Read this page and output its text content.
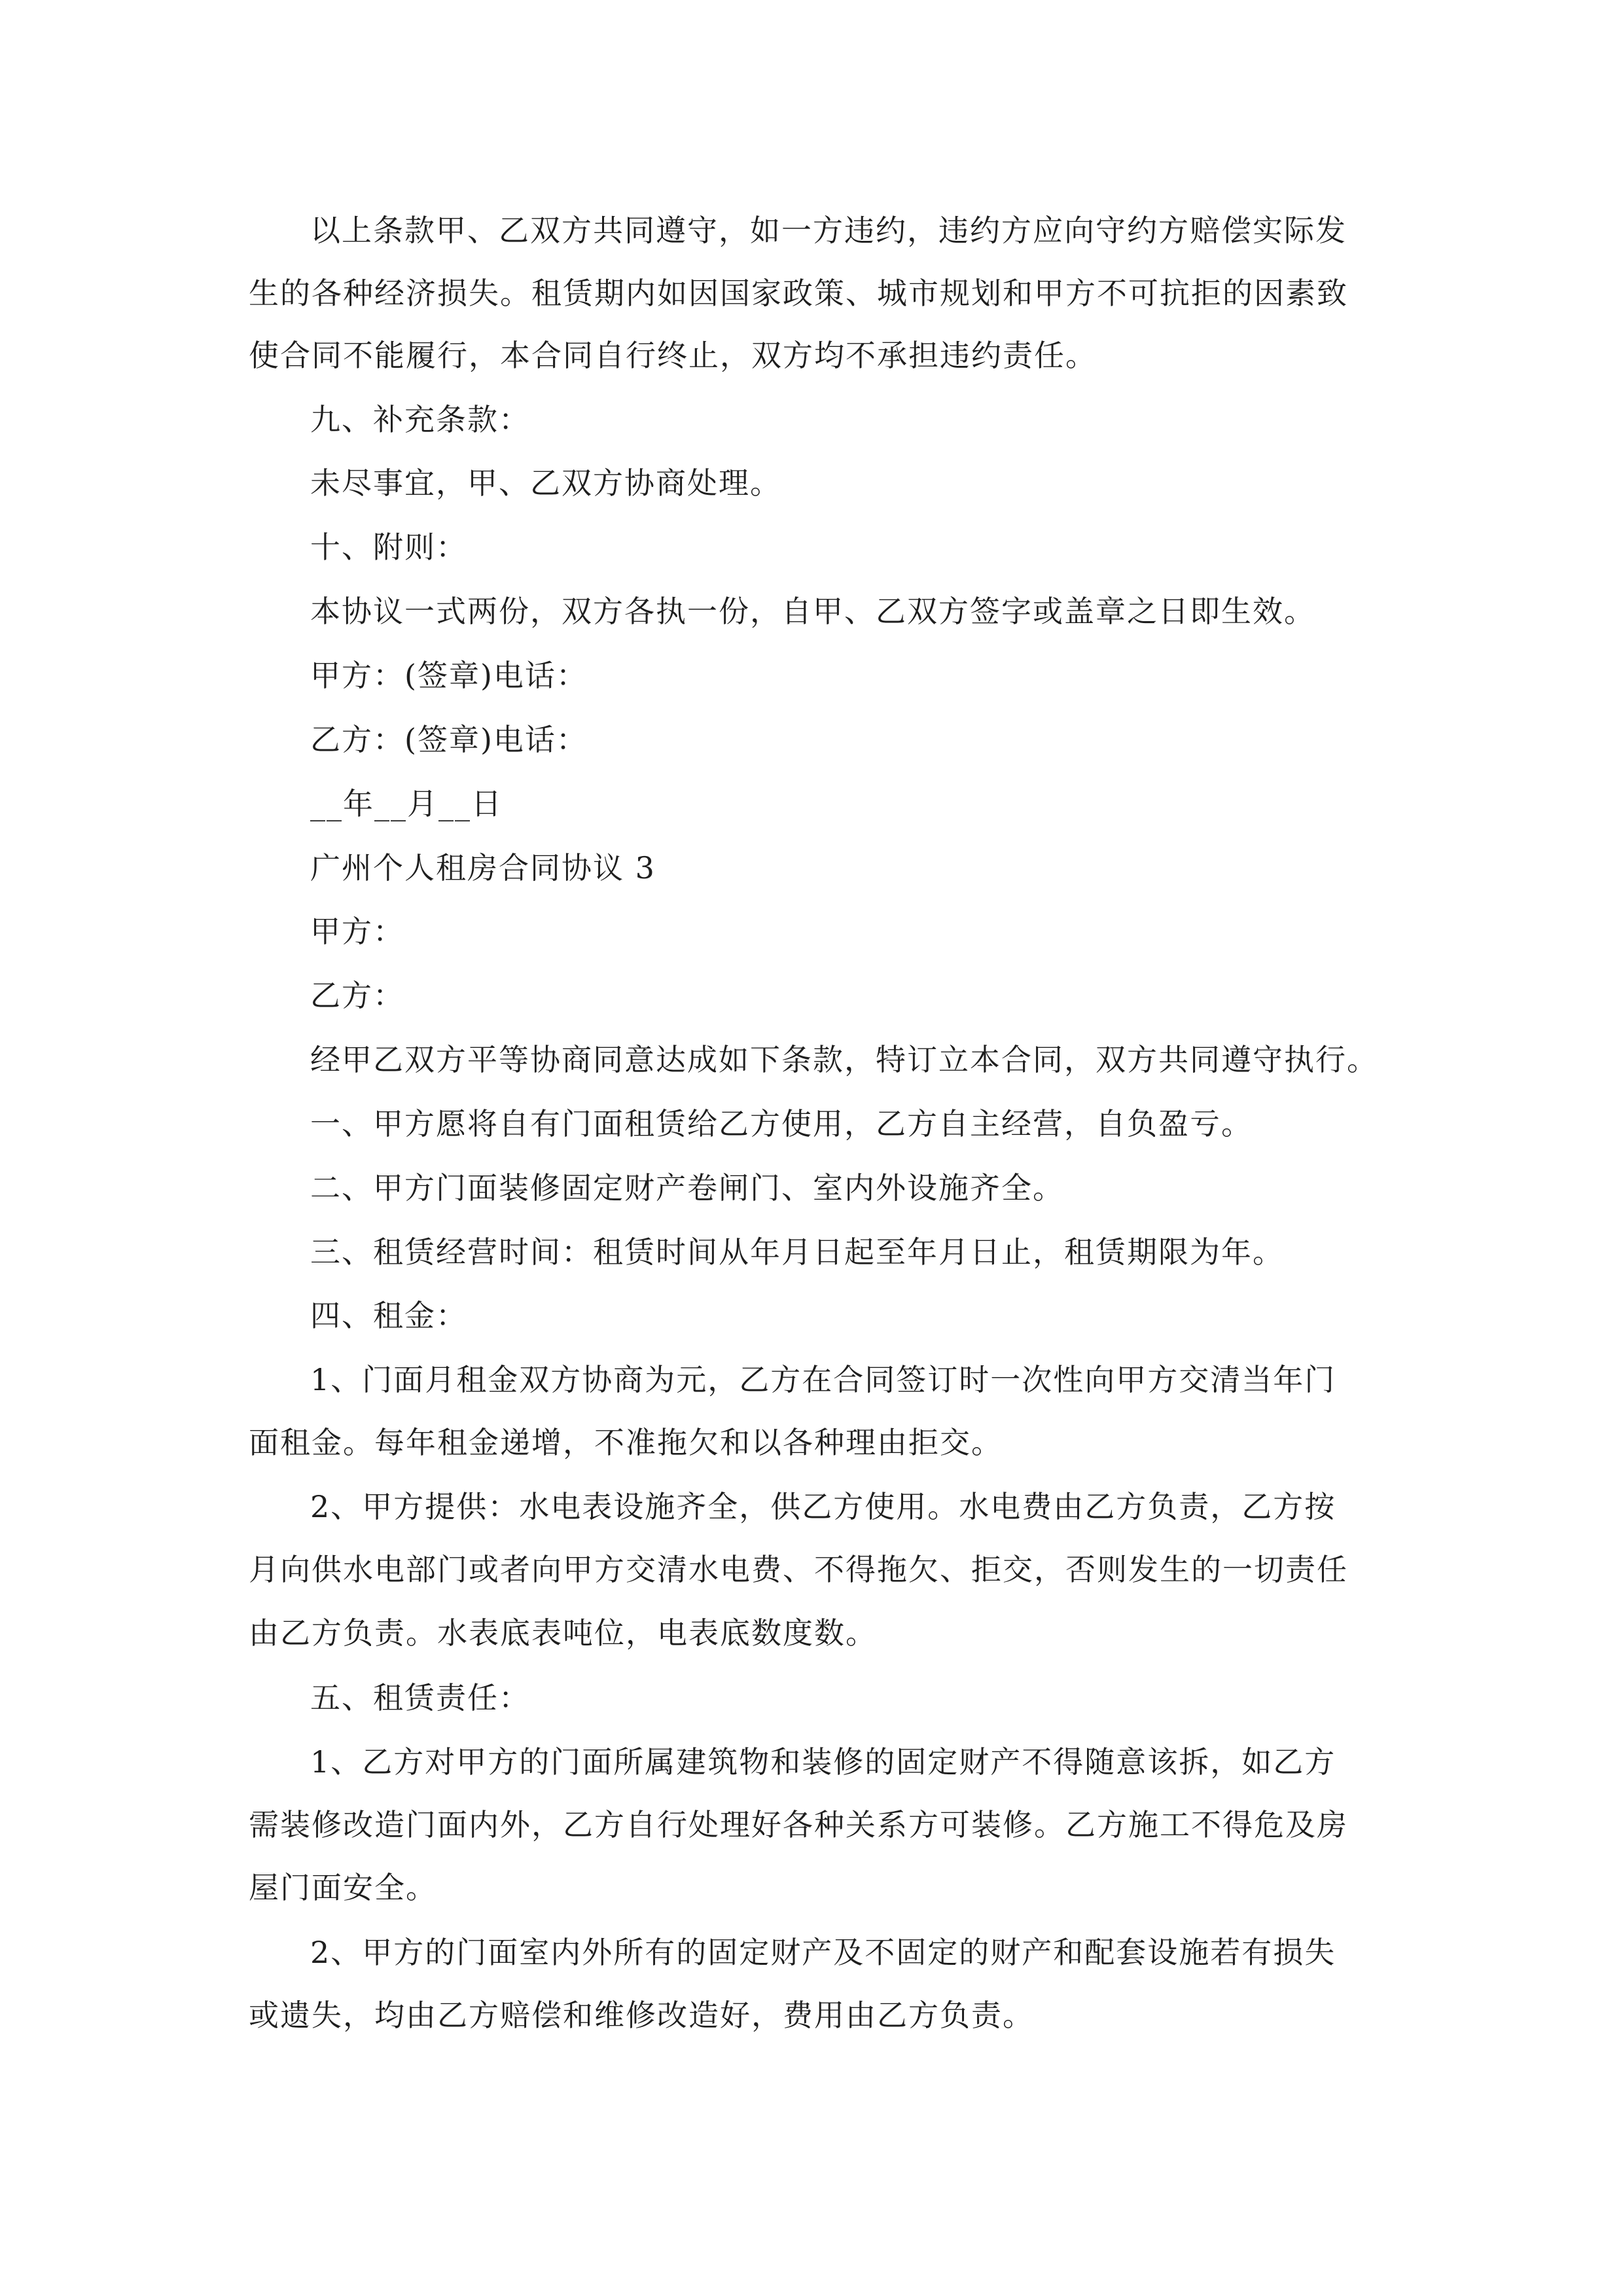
以上条款甲、乙双方共同遵守，如一方违约，违约方应向守约方赔偿实际发
生的各种经济损失。租赁期内如因国家政策、城市规划和甲方不可抗拒的因素致
使合同不能履行，本合同自行终止，双方均不承担违约责任。
九、补充条款：
未尽事宜，甲、乙双方协商处理。
十、附则：
本协议一式两份，双方各执一份，自甲、乙双方签字或盖章之日即生效。
甲方：(签章)电话：
乙方：(签章)电话：
__年__月__日
广州个人租房合同协议 3
甲方：
乙方：
经甲乙双方平等协商同意达成如下条款，特订立本合同，双方共同遵守执行。
一、甲方愿将自有门面租赁给乙方使用，乙方自主经营，自负盈亏。
二、甲方门面装修固定财产卷闸门、室内外设施齐全。
三、租赁经营时间：租赁时间从年月日起至年月日止，租赁期限为年。
四、租金：
1、门面月租金双方协商为元，乙方在合同签订时一次性向甲方交清当年门
面租金。每年租金递增，不准拖欠和以各种理由拒交。
2、甲方提供：水电表设施齐全，供乙方使用。水电费由乙方负责，乙方按
月向供水电部门或者向甲方交清水电费、不得拖欠、拒交，否则发生的一切责任
由乙方负责。水表底表吨位，电表底数度数。
五、租赁责任：
1、乙方对甲方的门面所属建筑物和装修的固定财产不得随意该拆，如乙方
需装修改造门面内外，乙方自行处理好各种关系方可装修。乙方施工不得危及房
屋门面安全。
2、甲方的门面室内外所有的固定财产及不固定的财产和配套设施若有损失
或遗失，均由乙方赔偿和维修改造好，费用由乙方负责。
